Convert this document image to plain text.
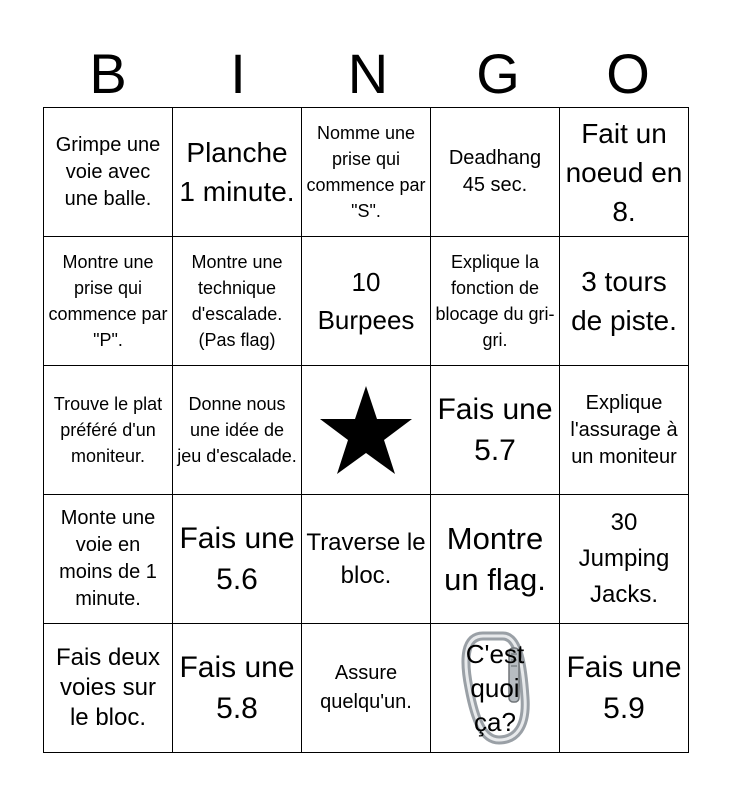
B	I	N	G	O
Grimpe une voie avec une balle.	Planche 1 minute.	Nomme une prise qui commence par "S".	Deadhang 45 sec.	Fait un noeud en 8.

Montre une prise qui commence par "P".	Montre une technique d'escalade. (Pas flag)	10 Burpees	Explique la fonction de blocage du gri-gri.	3 tours de piste.

Trouve le plat préféré d'un moniteur.	Donne nous une idée de jeu d'escalade.		Fais une 5.7	Explique l'assurage à un moniteur

Monte une voie en moins de 1 minute.	Fais une 5.6	Traverse le bloc.	Montre un flag.	30 Jumping Jacks.

Fais deux voies sur le bloc.	Fais une 5.8	Assure quelqu'un.	C'est quoi ça?	Fais une 5.9
